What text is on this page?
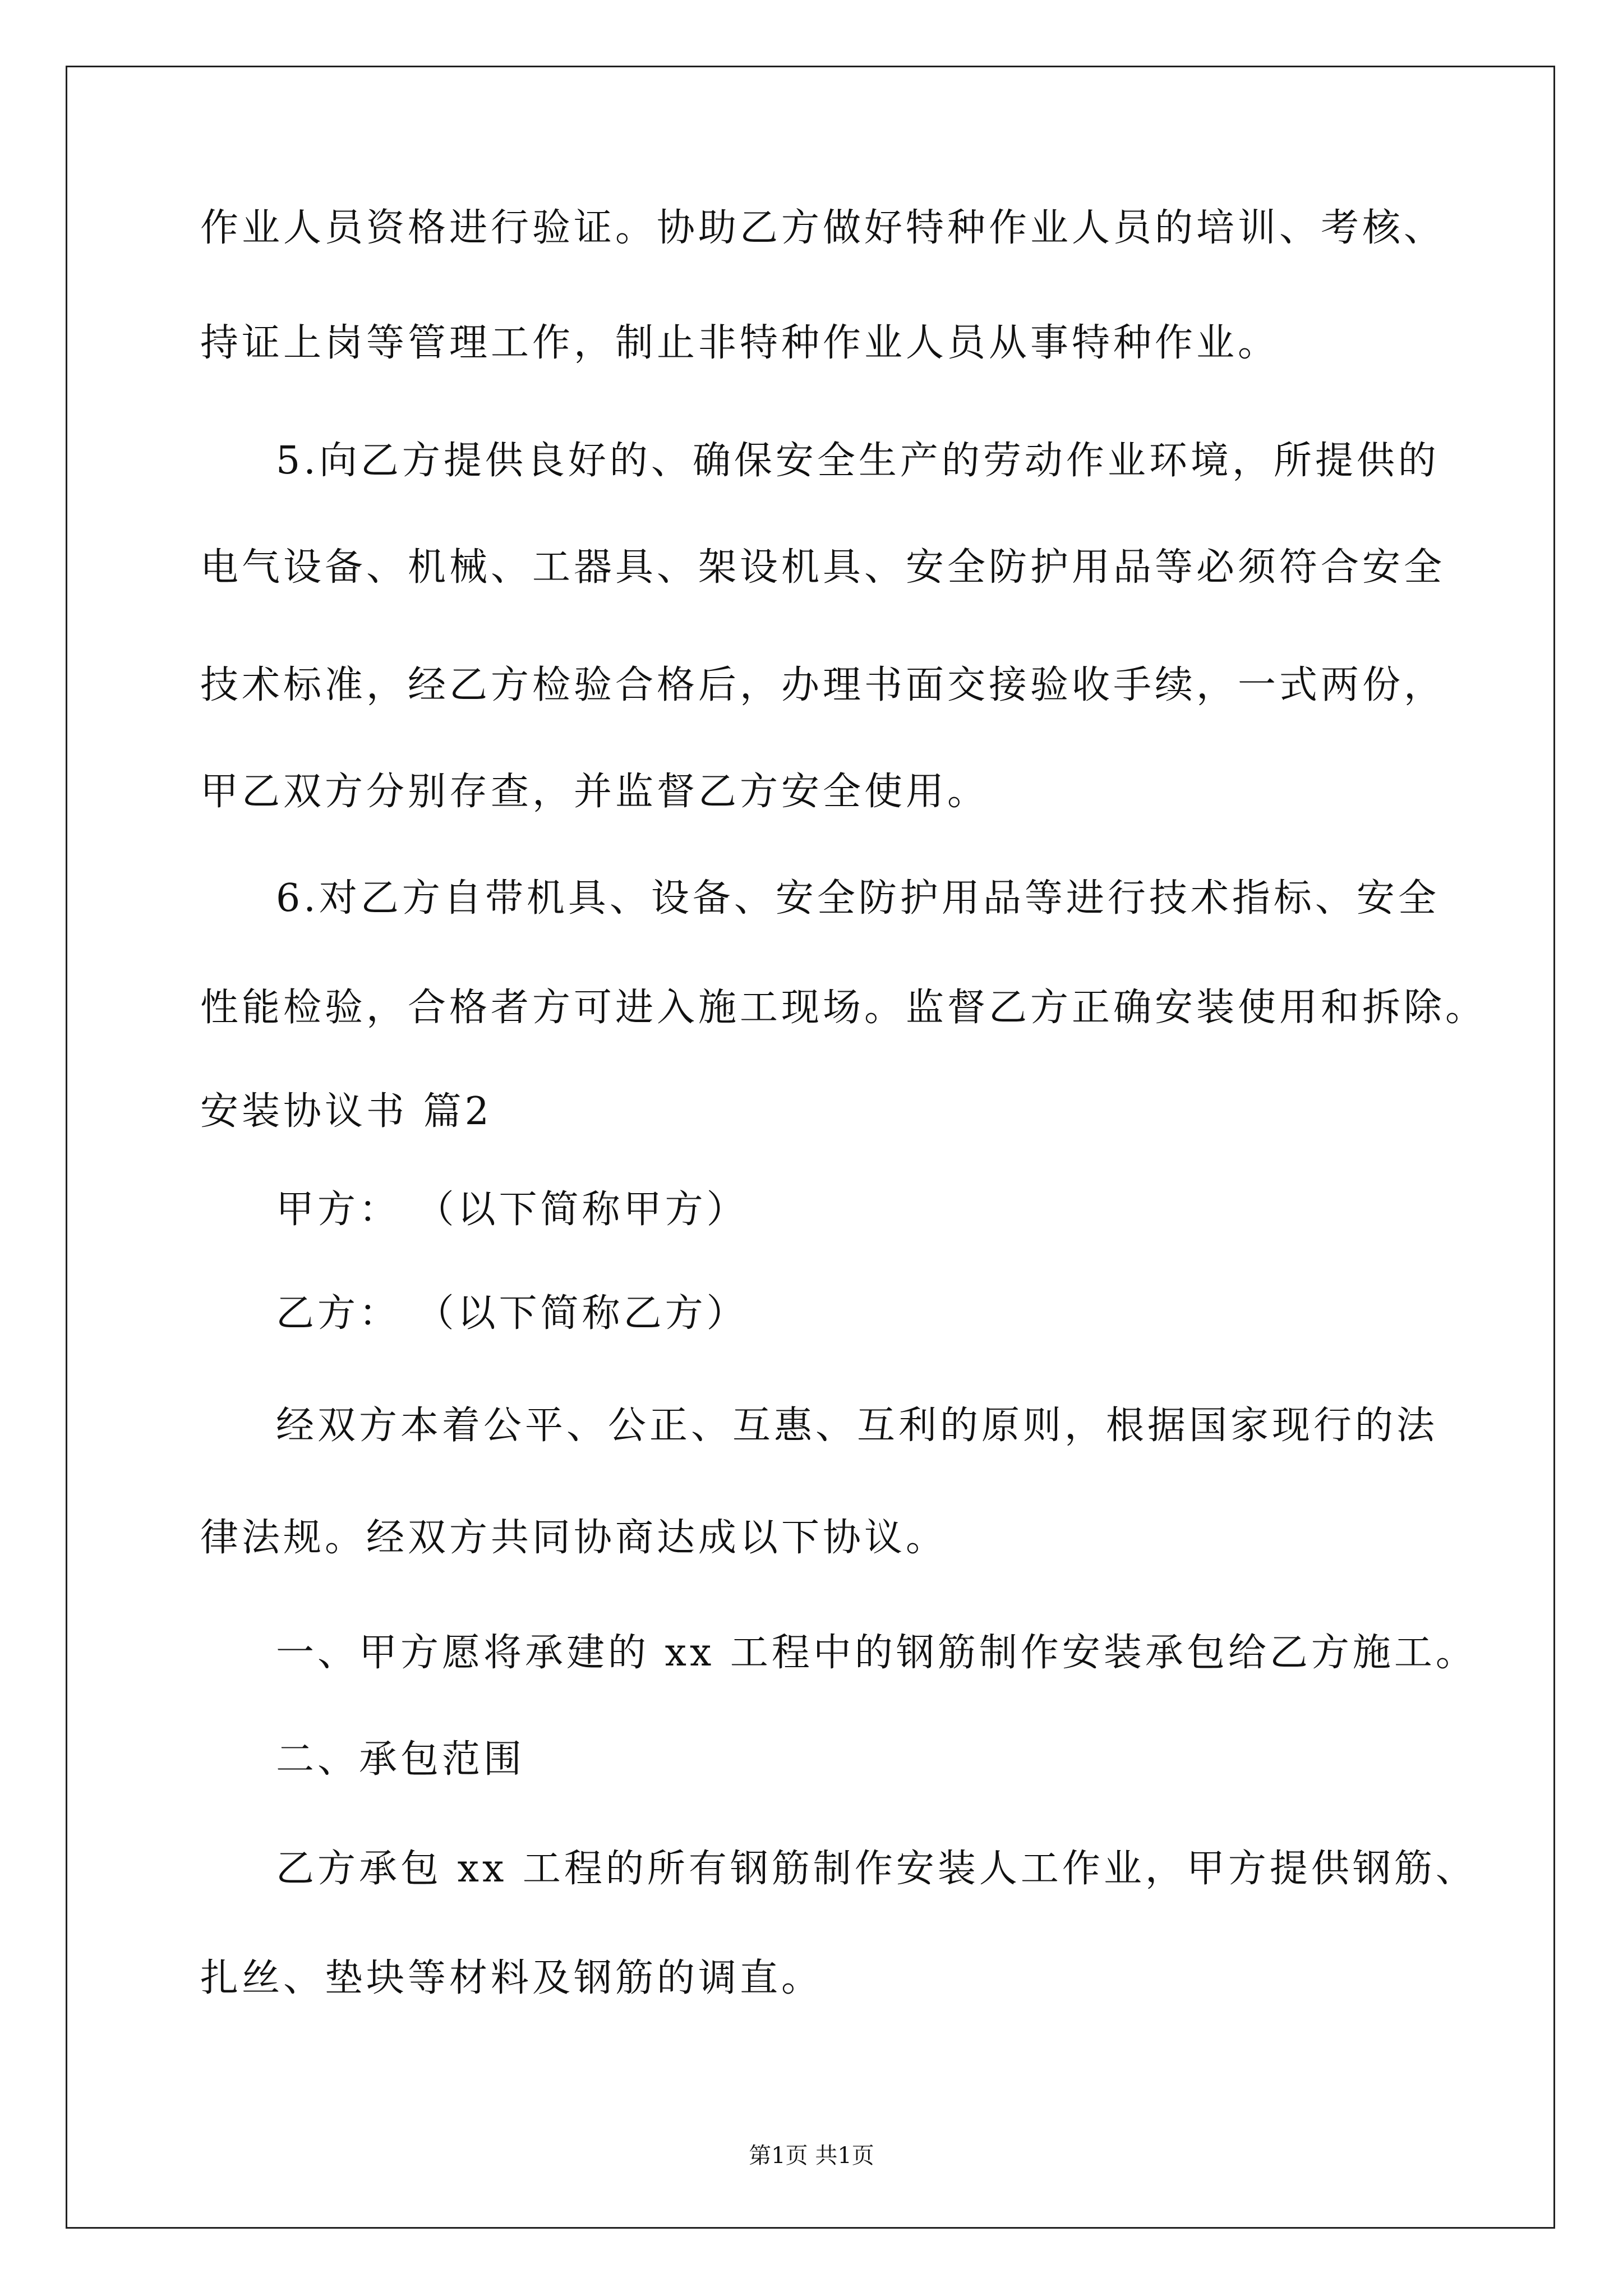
作业人员资格进行验证。协助乙方做好特种作业人员的培训、考核、
持证上岗等管理工作，制止非特种作业人员从事特种作业。
5.向乙方提供良好的、确保安全生产的劳动作业环境，所提供的
电气设备、机械、工器具、架设机具、安全防护用品等必须符合安全
技术标准，经乙方检验合格后，办理书面交接验收手续，一式两份，
甲乙双方分别存查，并监督乙方安全使用。
6.对乙方自带机具、设备、安全防护用品等进行技术指标、安全
性能检验，合格者方可进入施工现场。监督乙方正确安装使用和拆除。
安装协议书 篇2
甲方： （以下简称甲方）
乙方： （以下简称乙方）
经双方本着公平、公正、互惠、互利的原则，根据国家现行的法
律法规。经双方共同协商达成以下协议。
一、甲方愿将承建的 xx 工程中的钢筋制作安装承包给乙方施工。
二、承包范围
乙方承包 xx 工程的所有钢筋制作安装人工作业，甲方提供钢筋、
扎丝、垫块等材料及钢筋的调直。
第1页 共1页
